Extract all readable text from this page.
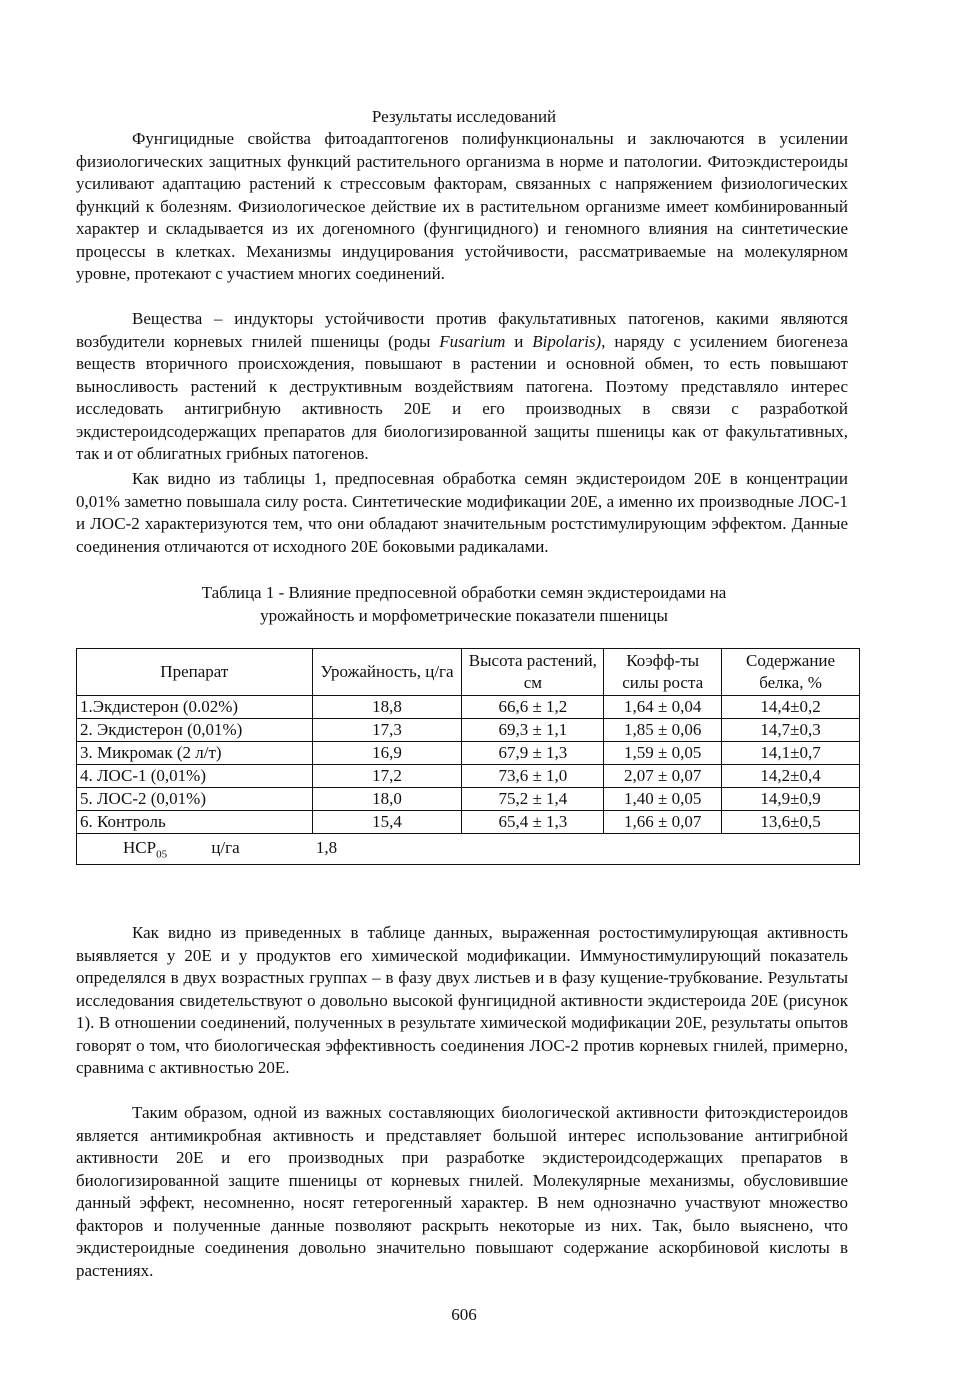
Результаты исследований

Фунгицидные свойства фитоадаптогенов полифункциональны и заключаются в усилении физиологических защитных функций растительного организма в норме и патологии. Фитоэкдистероиды усиливают адаптацию растений к стрессовым факторам, связанных с напряжением физиологических функций к болезням. Физиологическое действие их в растительном организме имеет комбинированный характер и складывается из их догеномного (фунгицидного) и геномного влияния на синтетические процессы в клетках. Механизмы индуцирования устойчивости, рассматриваемые на молекулярном уровне, протекают с участием многих соединений.

Вещества – индукторы устойчивости против факультативных патогенов, какими являются возбудители корневых гнилей пшеницы (роды Fusarium и Bipolaris), наряду с усилением биогенеза веществ вторичного происхождения, повышают в растении и основной обмен, то есть повышают выносливость растений к деструктивным воздействиям патогена. Поэтому представляло интерес исследовать антигрибную активность 20Е и его производных в связи с разработкой экдистероидсодержащих препаратов для биологизированной защиты пшеницы как от факультативных, так и от облигатных грибных патогенов.

Как видно из таблицы 1, предпосевная обработка семян экдистероидом 20Е в концентрации 0,01% заметно повышала силу роста. Синтетические модификации 20Е, а именно их производные ЛОС-1 и ЛОС-2 характеризуются тем, что они обладают значительным ростстимулирующим эффектом. Данные соединения отличаются от исходного 20Е боковыми радикалами.

Таблица 1 - Влияние предпосевной обработки семян экдистероидами на
урожайность и морфометрические показатели пшеницы
Препарат	Урожайность, ц/га	Высота растений, см	Коэфф-ты силы роста	Содержание белка, %
1.Экдистерон (0.02%)	18,8	66,6 ± 1,2	1,64 ± 0,04	14,4±0,2
2. Экдистерон (0,01%)	17,3	69,3 ± 1,1	1,85 ± 0,06	14,7±0,3
3. Микромак (2 л/т)	16,9	67,9 ± 1,3	1,59 ± 0,05	14,1±0,7
4. ЛОС-1 (0,01%)	17,2	73,6 ± 1,0	2,07 ± 0,07	14,2±0,4
5. ЛОС-2 (0,01%)	18,0	75,2 ± 1,4	1,40 ± 0,05	14,9±0,9
6. Контроль	15,4	65,4 ± 1,3	1,66 ± 0,07	13,6±0,5
$НСР_{05}$ ц/га 1,8				

Как видно из приведенных в таблице данных, выраженная ростостимулирующая активность выявляется у 20Е и у продуктов его химической модификации. Иммуностимулирующий показатель определялся в двух возрастных группах – в фазу двух листьев и в фазу кущение-трубкование. Результаты исследования свидетельствуют о довольно высокой фунгицидной активности экдистероида 20Е (рисунок 1). В отношении соединений, полученных в результате химической модификации 20Е, результаты опытов говорят о том, что биологическая эффективность соединения ЛОС-2 против корневых гнилей, примерно, сравнима с активностью 20Е.

Таким образом, одной из важных составляющих биологической активности фитоэкдистероидов является антимикробная активность и представляет большой интерес использование антигрибной активности 20Е и его производных при разработке экдистероидсодержащих препаратов в биологизированной защите пшеницы от корневых гнилей. Молекулярные механизмы, обусловившие данный эффект, несомненно, носят гетерогенный характер. В нем однозначно участвуют множество факторов и полученные данные позволяют раскрыть некоторые из них. Так, было выяснено, что экдистероидные соединения довольно значительно повышают содержание аскорбиновой кислоты в растениях.

606
